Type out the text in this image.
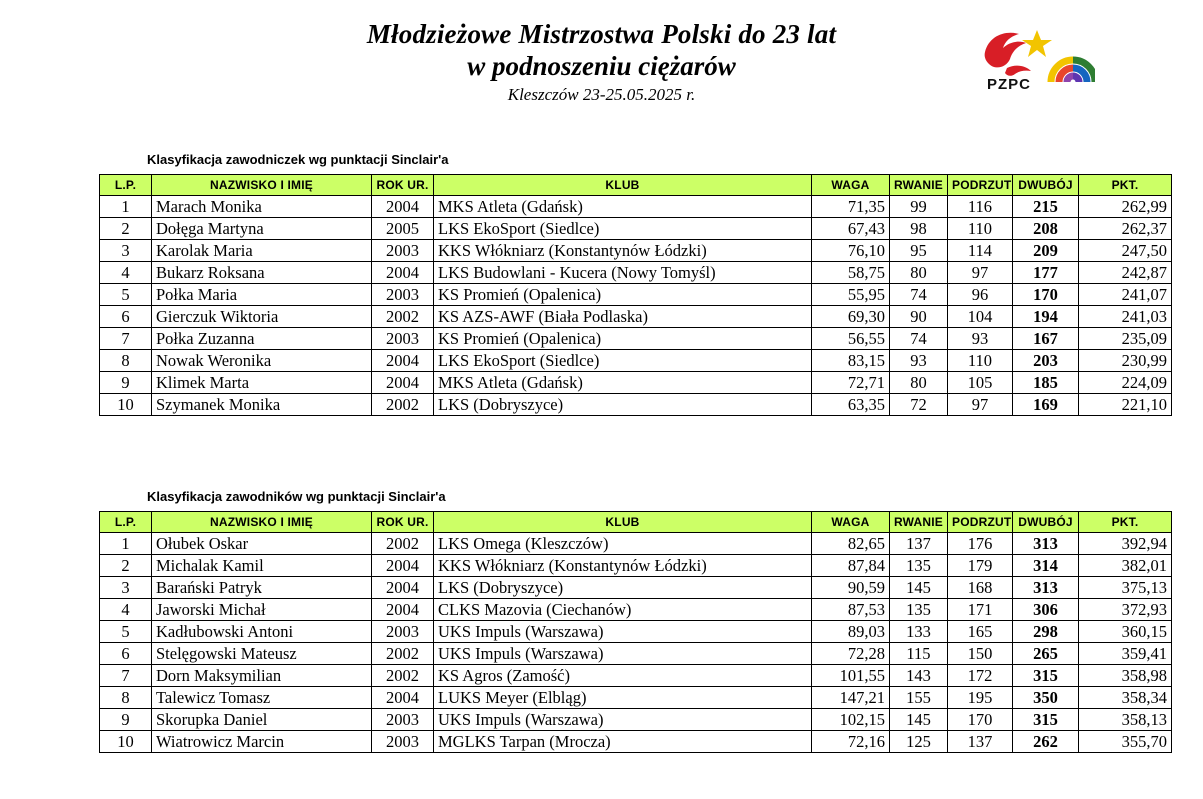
Młodzieżowe Mistrzostwa Polski do 23 lat
w podnoszeniu ciężarów
Kleszczów 23-25.05.2025 r.
PZPC
Klasyfikacja zawodniczek wg punktacji Sinclair'a
L.P.	NAZWISKO I IMIĘ	ROK UR.	KLUB	WAGA	RWANIE	PODRZUT	DWUBÓJ	PKT.
1	Marach Monika	2004	MKS Atleta (Gdańsk)	71,35	99	116	215	262,99
2	Dołęga Martyna	2005	LKS EkoSport (Siedlce)	67,43	98	110	208	262,37
3	Karolak Maria	2003	KKS Włókniarz (Konstantynów Łódzki)	76,10	95	114	209	247,50
4	Bukarz Roksana	2004	LKS Budowlani - Kucera (Nowy Tomyśl)	58,75	80	97	177	242,87
5	Połka Maria	2003	KS Promień (Opalenica)	55,95	74	96	170	241,07
6	Gierczuk Wiktoria	2002	KS AZS-AWF (Biała Podlaska)	69,30	90	104	194	241,03
7	Połka Zuzanna	2003	KS Promień (Opalenica)	56,55	74	93	167	235,09
8	Nowak Weronika	2004	LKS EkoSport (Siedlce)	83,15	93	110	203	230,99
9	Klimek Marta	2004	MKS Atleta (Gdańsk)	72,71	80	105	185	224,09
10	Szymanek Monika	2002	LKS (Dobryszyce)	63,35	72	97	169	221,10
Klasyfikacja zawodników wg punktacji Sinclair'a
L.P.	NAZWISKO I IMIĘ	ROK UR.	KLUB	WAGA	RWANIE	PODRZUT	DWUBÓJ	PKT.
1	Ołubek Oskar	2002	LKS Omega (Kleszczów)	82,65	137	176	313	392,94
2	Michalak Kamil	2004	KKS Włókniarz (Konstantynów Łódzki)	87,84	135	179	314	382,01
3	Barański Patryk	2004	LKS (Dobryszyce)	90,59	145	168	313	375,13
4	Jaworski Michał	2004	CLKS Mazovia (Ciechanów)	87,53	135	171	306	372,93
5	Kadłubowski Antoni	2003	UKS Impuls (Warszawa)	89,03	133	165	298	360,15
6	Stelęgowski Mateusz	2002	UKS Impuls (Warszawa)	72,28	115	150	265	359,41
7	Dorn Maksymilian	2002	KS Agros (Zamość)	101,55	143	172	315	358,98
8	Talewicz Tomasz	2004	LUKS Meyer (Elbląg)	147,21	155	195	350	358,34
9	Skorupka Daniel	2003	UKS Impuls (Warszawa)	102,15	145	170	315	358,13
10	Wiatrowicz Marcin	2003	MGLKS Tarpan (Mrocza)	72,16	125	137	262	355,70
